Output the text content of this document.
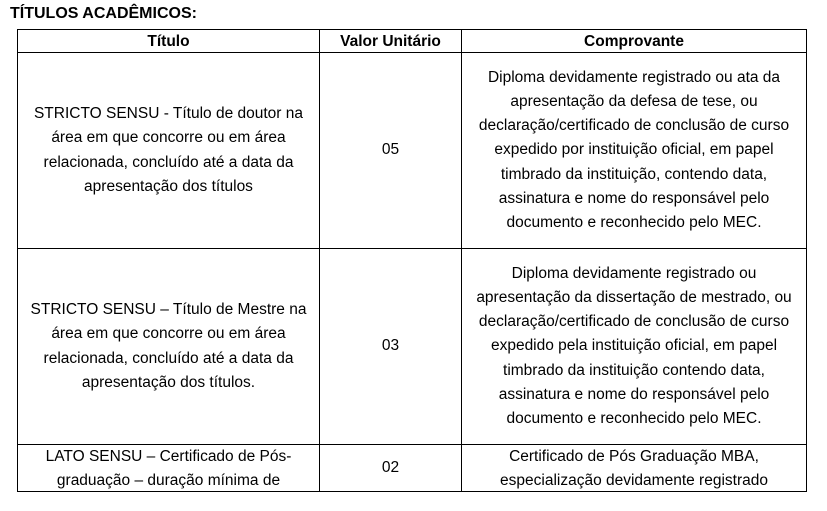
TÍTULOS ACADÊMICOS:
Título	Valor Unitário	Comprovante
STRICTO SENSU - Título de doutor na área em que concorre ou em área relacionada, concluído até a data da apresentação dos títulos	05	Diploma devidamente registrado ou ata da apresentação da defesa de tese, ou declaração/certificado de conclusão de curso expedido por instituição oficial, em papel timbrado da instituição, contendo data, assinatura e nome do responsável pelo documento e reconhecido pelo MEC.
STRICTO SENSU – Título de Mestre na área em que concorre ou em área relacionada, concluído até a data da apresentação dos títulos.	03	Diploma devidamente registrado ou apresentação da dissertação de mestrado, ou declaração/certificado de conclusão de curso expedido pela instituição oficial, em papel timbrado da instituição contendo data, assinatura e nome do responsável pelo documento e reconhecido pelo MEC.

LATO SENSU – Certificado de Pós-graduação – duração mínima de	02	Certificado de Pós Graduação MBA, especialização devidamente registrado
